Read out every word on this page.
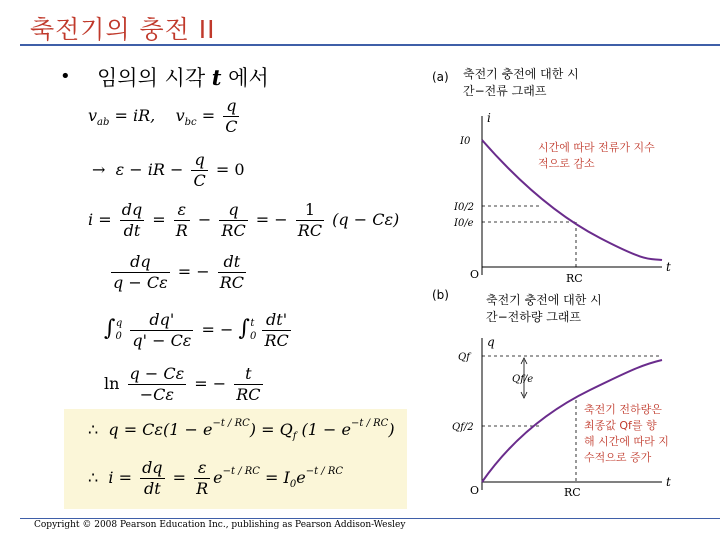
축전기의 충전 II
• 임의의 시각 t 에서
$v_{ab}$ = iR,    $v_{bc} = \frac{q}{C}$
→  ε − iR − $\frac{q}{C} = 0$
$i = \frac{dq}{dt} = \frac{\varepsilon}{R} - \frac{q}{RC}$ = − $\frac{1}{RC} (q - C\varepsilon)$
$\frac{dq}{q - C\varepsilon}$ = − $\frac{dt}{RC}$
$\int_0^q \frac{dq'}{q' - C\varepsilon}$ = − $\int_0^t \frac{dt'}{RC}$
$\ln \frac{q - C\varepsilon}{-C\varepsilon}$ = − $\frac{t}{RC}$
∴  $q = C\varepsilon(1 - e^{-t / RC}) = Q_f$ $(1 - e^{-t / RC})$
∴  $i = \frac{dq}{dt} = \frac{\varepsilon}{R} e^{-t / RC} = I_0e^{-t / RC}$
(a) 축전기 충전에 대한 시
간−전류 그래프
i
t
O	RC
I0
I0/2
I0/e
시간에 따라 전류가 지수
적으로 감소
(b)	축전기 충전에 대한 시
간−전하량 그래프
q
t
O	RC
Qf
Qf/2
Qf/e
축전기 전하량은
최종값 Qf를 향
해 시간에 따라 지
수적으로 증가
Copyright © 2008 Pearson Education Inc., publishing as Pearson Addison-Wesley
